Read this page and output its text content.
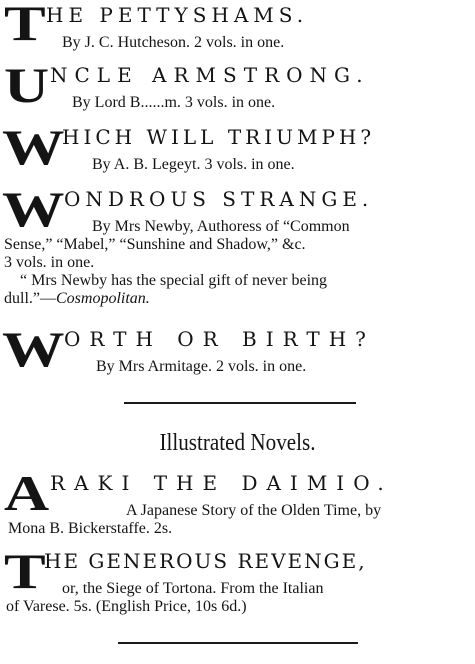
T HE PETTYSHAMS.
By J. C. Hutcheson. 2 vols. in one.
U NCLE ARMSTRONG.
By Lord B......m. 3 vols. in one.
W
HICH WILL TRIUMPH?
By A. B. Legeyt. 3 vols. in one.
W ONDROUS STRANGE.
By Mrs Newby, Authoress of “Common
Sense,” “Mabel,” “Sunshine and Shadow,” &c.
3 vols. in one.
“ Mrs Newby has the special gift of never being
dull.”—Cosmopolitan.
W ORTH OR BIRTH?
By Mrs Armitage. 2 vols. in one.
Illustrated Novels.
A RAKI THE DAIMIO.
A Japanese Story of the Olden Time, by
Mona B. Bickerstaffe. 2s.
T
HE GENEROUS REVENGE,
or, the Siege of Tortona. From the Italian
of Varese. 5s. (English Price, 10s 6d.)
